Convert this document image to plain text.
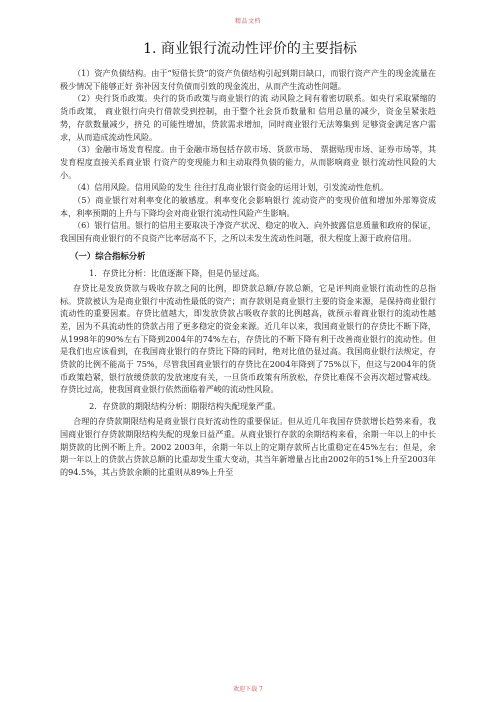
精品文档
1. 商业银行流动性评价的主要指标

（1）资产负债结构。由于“短借长贷”的资产负债结构引起到期日缺口，而银行资产产生的现金流量在极少情况下能够正好 弥补因支付负债而引致的现金流出，从而产生流动性问题。

（2）央行货币政策。央行的货币政策与商业银行的流 动风险之间有着密切联系。如央行采取紧缩的货币政策， 商业银行向央行借款受到控制，由于整个社会货币数量和 信用总量的减少，资金呈紧张趋势，存款数量减少，挤兑 的可能性增加，贷款需求增加，同时商业银行无法筹集到 足够资金满足客户需求，从而造成流动性风险。

（3）金融市场发育程度。由于金融市场包括存款市场、货款市场、 票据贴现市场、证券市场等，其发育程度直接关系商业银 行资产的变现能力和主动取得负债的能力，从而影响商业 银行流动性风险的大小。

（4）信用风险。信用风险的发生 往往打乱商业银行资金的运用计划，引发流动性危机。

（5）商业银行对利率变化的敏感度。利率变化会影响银行 流动资产的变现价值和增加外部筹资成本，利率预期的上升与下降均会对商业银行流动性风险产生影响。

（6）银行信用。银行的信用主要取决于净资产状况、稳定的收入、向外披露信息质量和政府的保证，我国国有商业银行的不良资产比率居高不下，之所以未发生流动性问题，很大程度上源于政府信用。

（一）综合指标分析
1．存贷比分析：比值逐渐下降，但是仍显过高。

存贷比是发放贷款与吸收存款之间的比例，即贷款总额/存款总额，它是评判商业银行流动性的总指标。贷款被认为是商业银行中流动性最低的资产；而存款则是商业银行主要的资金来源，是保持商业银行流动性的重要因素。存贷比值越大，即发放贷款占吸收存款的比例越高，就预示着商业银行的流动性越差，因为不具流动性的贷款占用了更多稳定的资金来源。近几年以来，我国商业银行的存贷比不断下降，从1998年的90%左右下降到2004年的74%左右，存贷比的不断下降有利于改善商业银行的流动性。但是我们也应该看到，在我国商业银行的存贷比下降的同时，绝对比值仍显过高。我国商业银行法规定，存贷款的比例不能高于 75%，尽管我国商业银行的存贷比在2004年降到了75%以下，但这与2004年的货币政策趋紧，银行放缓贷款的发放速度有关，一旦货币政策有所放松，存贷比难保不会再次超过警戒线。存贷比过高，使我国商业银行依然面临着严峻的流动性风险。

2．存贷款的期限结构分析：期限结构失配现象严重。

合理的存贷款期限结构是商业银行良好流动性的重要保证。但从近几年我国存贷款增长趋势来看，我国商业银行存贷款期限结构失配的现象日益严重。从商业银行存款的余期结构来看，余期一年以上的中长期贷款的比例不断上升。2002 2003年，余期一年以上的定期存款所占比重稳定在45%左右；但是，余期一年以上的贷款占贷款总额的比重却发生重大变动，其当年新增量占比由2002年的51%上升至2003年的94.5%，其占贷款余额的比重则从89%上升至

欢迎下载 7
